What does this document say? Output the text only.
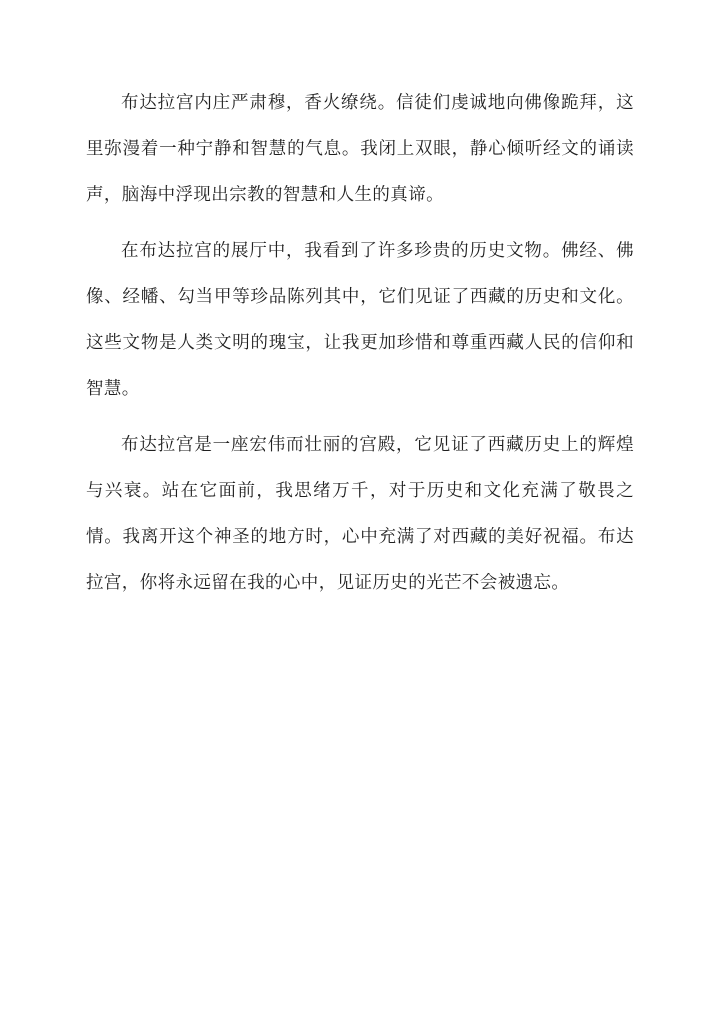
布达拉宫内庄严肃穆，香火缭绕。信徒们虔诚地向佛像跪拜，这里弥漫着一种宁静和智慧的气息。我闭上双眼，静心倾听经文的诵读声，脑海中浮现出宗教的智慧和人生的真谛。

在布达拉宫的展厅中，我看到了许多珍贵的历史文物。佛经、佛像、经幡、勾当甲等珍品陈列其中，它们见证了西藏的历史和文化。这些文物是人类文明的瑰宝，让我更加珍惜和尊重西藏人民的信仰和智慧。

布达拉宫是一座宏伟而壮丽的宫殿，它见证了西藏历史上的辉煌与兴衰。站在它面前，我思绪万千，对于历史和文化充满了敬畏之情。我离开这个神圣的地方时，心中充满了对西藏的美好祝福。布达拉宫，你将永远留在我的心中，见证历史的光芒不会被遗忘。
